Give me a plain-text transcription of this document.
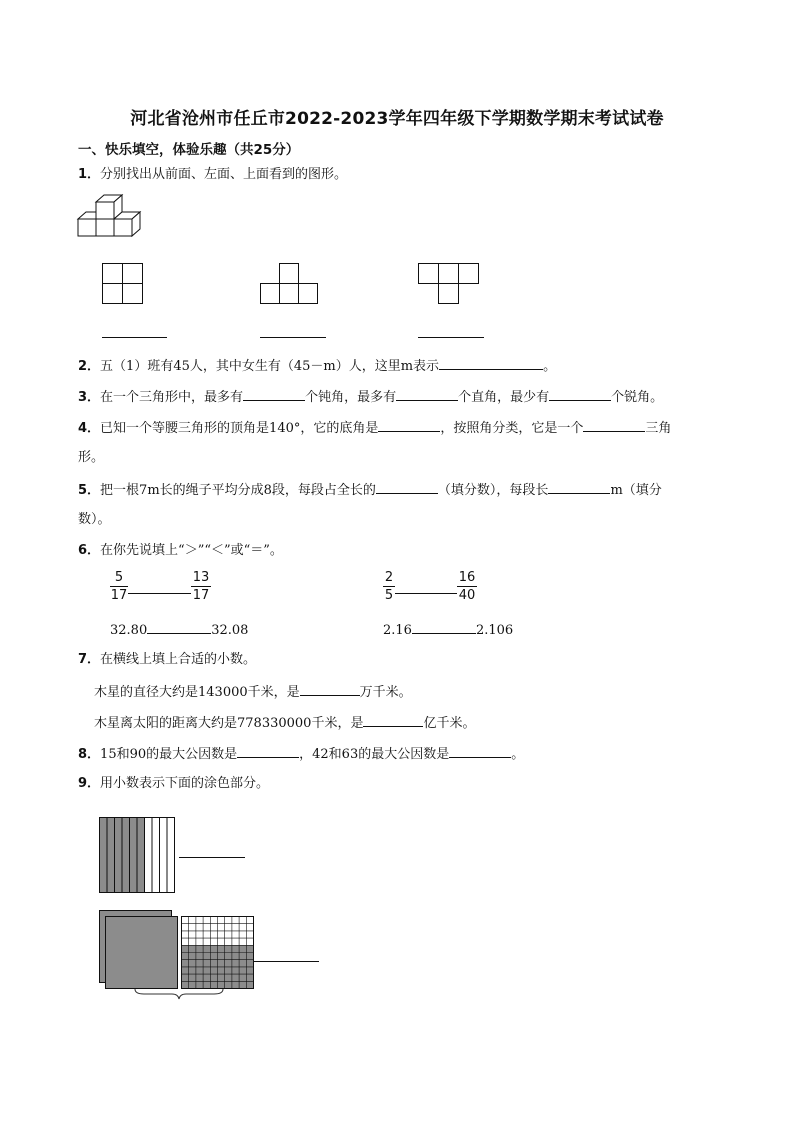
河北省沧州市任丘市2022-2023学年四年级下学期数学期末考试试卷
一、快乐填空，体验乐趣（共25分）
1．分别找出从前面、左面、上面看到的图形。
2．五（1）班有45人，其中女生有（45－m）人，这里m表示	。
3．在一个三角形中，最多有	个钝角，最多有	个直角，最少有	个锐角。
4．已知一个等腰三角形的顶角是140°，它的底角是	，按照角分类，它是一个	三角
形。
5．把一根7m长的绳子平均分成8段，每段占全长的	（填分数），每段长	m（填分
数）。
6．在你先说填上“＞”“＜”或“＝”。
5
17
13
17
2
5
16
40
32.80	32.08	2.16	2.106
7．在横线上填上合适的小数。
木星的直径大约是143000千米，是	万千米。
木星离太阳的距离大约是778330000千米，是	亿千米。
8．15和90的最大公因数是	，42和63的最大公因数是	。
9．用小数表示下面的涂色部分。
